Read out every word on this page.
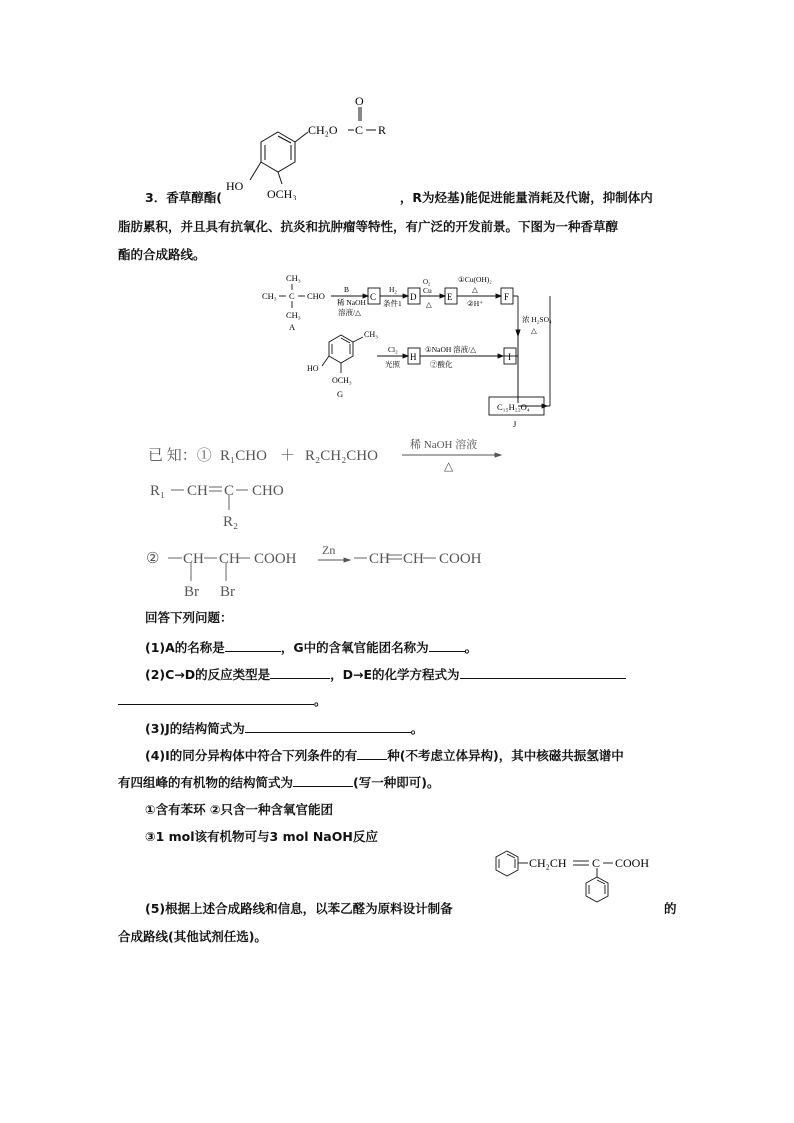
O
CH₂O C R
HO
OCH₃
3．香草醇酯(	，R为烃基)能促进能量消耗及代谢，抑制体内
脂肪累积，并且具有抗氧化、抗炎和抗肿瘤等特性，有广泛的开发前景。下图为一种香草醇
酯的合成路线。
CH₃
CH₃ C CHO
CH₃
A
B
稀 NaOH
溶液/△
C
H₂
条件1
D
O₂
Cu
△
E
①Cu(OH)₂
△
②H⁺
F
浓 H₂SO₄
△
CH₃
HO
OCH₃
G
Cl₂
光照
H
①NaOH 溶液/△
②酸化
I
C₁₅H₂₂O₄
J
已 知：① R₁CHO ＋ R₂CH₂CHO
稀 NaOH 溶液
△
R₁ CH C CHO
R₂
② CH CH COOH
Zn
CH CH COOH
Br Br
回答下列问题：
(1)A的名称是	，G中的含氧官能团名称为	。
(2)C→D的反应类型是	，D→E的化学方程式为
。
(3)J的结构简式为	。
(4)I的同分异构体中符合下列条件的有 种(不考虑立体异构)，其中核磁共振氢谱中
有四组峰的有机物的结构简式为	(写一种即可)。
①含有苯环 ②只含一种含氧官能团
③1 mol该有机物可与3 mol NaOH反应
CH₂CH C COOH
(5)根据上述合成路线和信息，以苯乙醛为原料设计制备	的
合成路线(其他试剂任选)。
